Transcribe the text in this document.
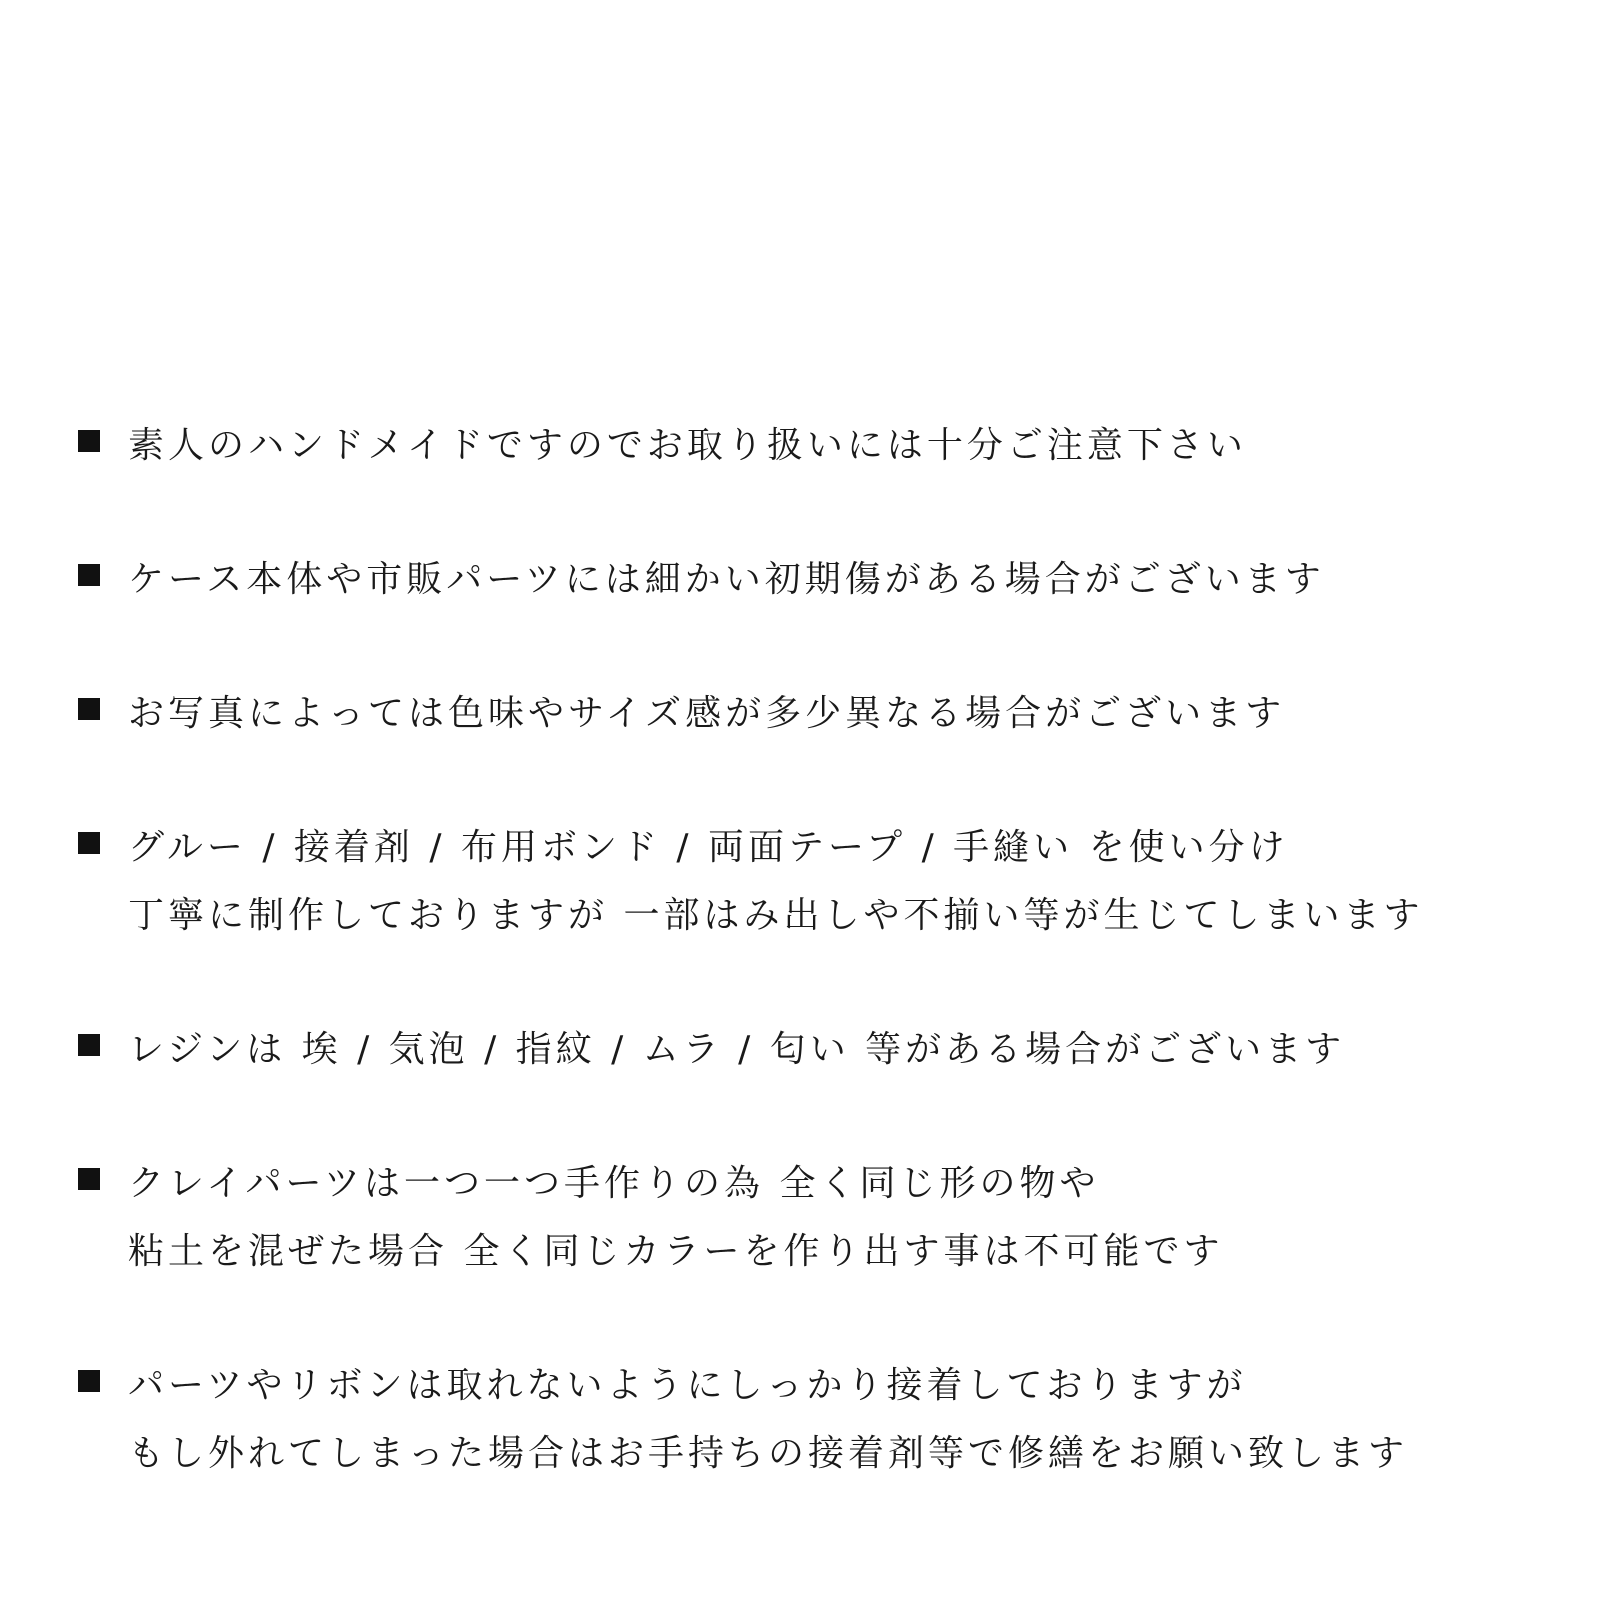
素人のハンドメイドですのでお取り扱いには十分ご注意下さい
ケース本体や市販パーツには細かい初期傷がある場合がございます
お写真によっては色味やサイズ感が多少異なる場合がございます
グルー / 接着剤 / 布用ボンド / 両面テープ / 手縫い を使い分け
丁寧に制作しておりますが 一部はみ出しや不揃い等が生じてしまいます
レジンは 埃 / 気泡 / 指紋 / ムラ / 匂い 等がある場合がございます
クレイパーツは一つ一つ手作りの為 全く同じ形の物や
粘土を混ぜた場合 全く同じカラーを作り出す事は不可能です
パーツやリボンは取れないようにしっかり接着しておりますが
もし外れてしまった場合はお手持ちの接着剤等で修繕をお願い致します
